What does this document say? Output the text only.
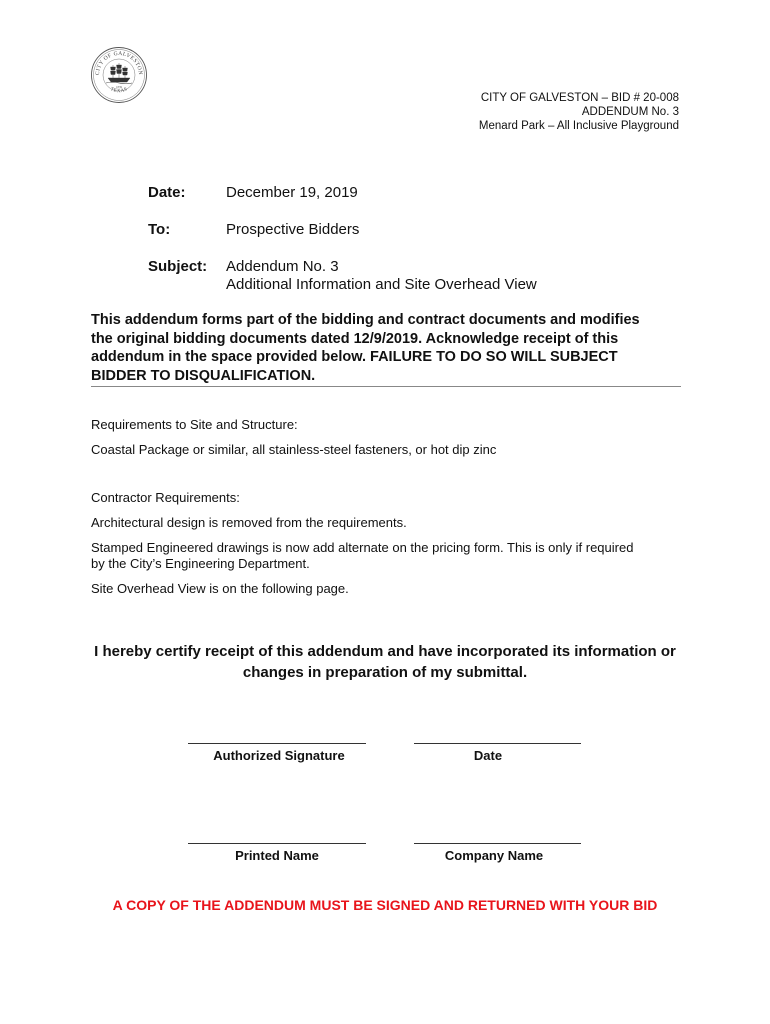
CITY OF GALVESTON
TEXAS
1839
CITY OF GALVESTON – BID # 20-008
ADDENDUM No. 3
Menard Park – All Inclusive Playground
Date:	December 19, 2019
To:	Prospective Bidders
Subject: Addendum No. 3
Additional Information and Site Overhead View
This addendum forms part of the bidding and contract documents and modifies
the original bidding documents dated 12/9/2019. Acknowledge receipt of this
addendum in the space provided below. FAILURE TO DO SO WILL SUBJECT
BIDDER TO DISQUALIFICATION.
Requirements to Site and Structure:
Coastal Package or similar, all stainless-steel fasteners, or hot dip zinc
Contractor Requirements:
Architectural design is removed from the requirements.
Stamped Engineered drawings is now add alternate on the pricing form. This is only if required
by the City’s Engineering Department.
Site Overhead View is on the following page.
I hereby certify receipt of this addendum and have incorporated its information or
changes in preparation of my submittal.
Authorized Signature	Date
Printed Name	Company Name
A COPY OF THE ADDENDUM MUST BE SIGNED AND RETURNED WITH YOUR BID
